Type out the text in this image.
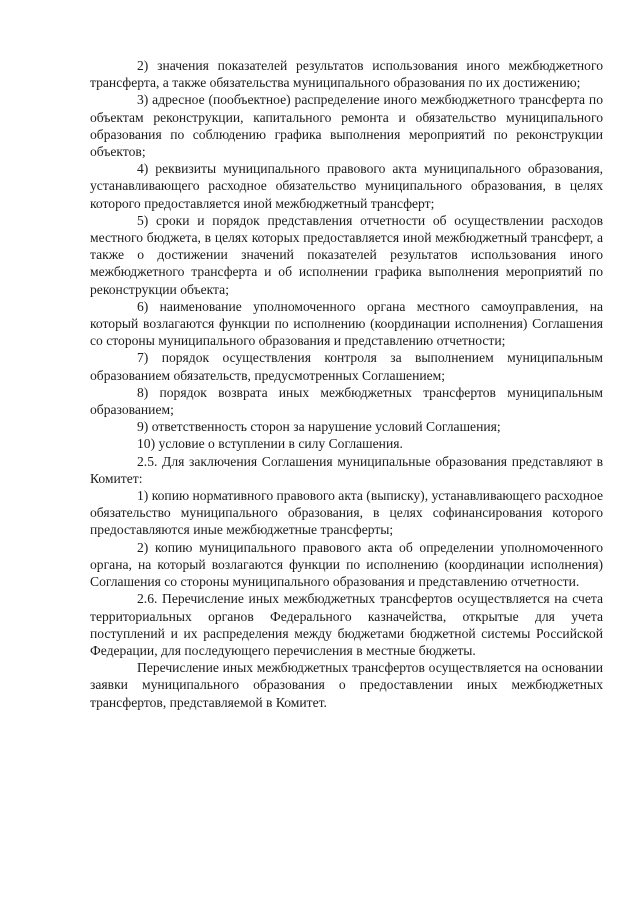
2) значения показателей результатов использования иного межбюджетного трансферта, а также обязательства муниципального образования по их достижению;

3) адресное (пообъектное) распределение иного межбюджетного трансферта по объектам реконструкции, капитального ремонта и обязательство муниципального образования по соблюдению графика выполнения мероприятий по реконструкции объектов;

4) реквизиты муниципального правового акта муниципального образования, устанавливающего расходное обязательство муниципального образования, в целях которого предоставляется иной межбюджетный трансферт;

5) сроки и порядок представления отчетности об осуществлении расходов местного бюджета, в целях которых предоставляется иной межбюджетный трансферт, а также о достижении значений показателей результатов использования иного межбюджетного трансферта и об исполнении графика выполнения мероприятий по реконструкции объекта;

6) наименование уполномоченного органа местного самоуправления, на который возлагаются функции по исполнению (координации исполнения) Соглашения со стороны муниципального образования и представлению отчетности;

7) порядок осуществления контроля за выполнением муниципальным образованием обязательств, предусмотренных Соглашением;

8) порядок возврата иных межбюджетных трансфертов муниципальным образованием;

9) ответственность сторон за нарушение условий Соглашения;

10) условие о вступлении в силу Соглашения.

2.5. Для заключения Соглашения муниципальные образования представляют в Комитет:

1) копию нормативного правового акта (выписку), устанавливающего расходное обязательство муниципального образования, в целях софинансирования которого предоставляются иные межбюджетные трансферты;

2) копию муниципального правового акта об определении уполномоченного органа, на который возлагаются функции по исполнению (координации исполнения) Соглашения со стороны муниципального образования и представлению отчетности.

2.6. Перечисление иных межбюджетных трансфертов осуществляется на счета территориальных органов Федерального казначейства, открытые для учета поступлений и их распределения между бюджетами бюджетной системы Российской Федерации, для последующего перечисления в местные бюджеты.

Перечисление иных межбюджетных трансфертов осуществляется на основании заявки муниципального образования о предоставлении иных межбюджетных трансфертов, представляемой в Комитет.
